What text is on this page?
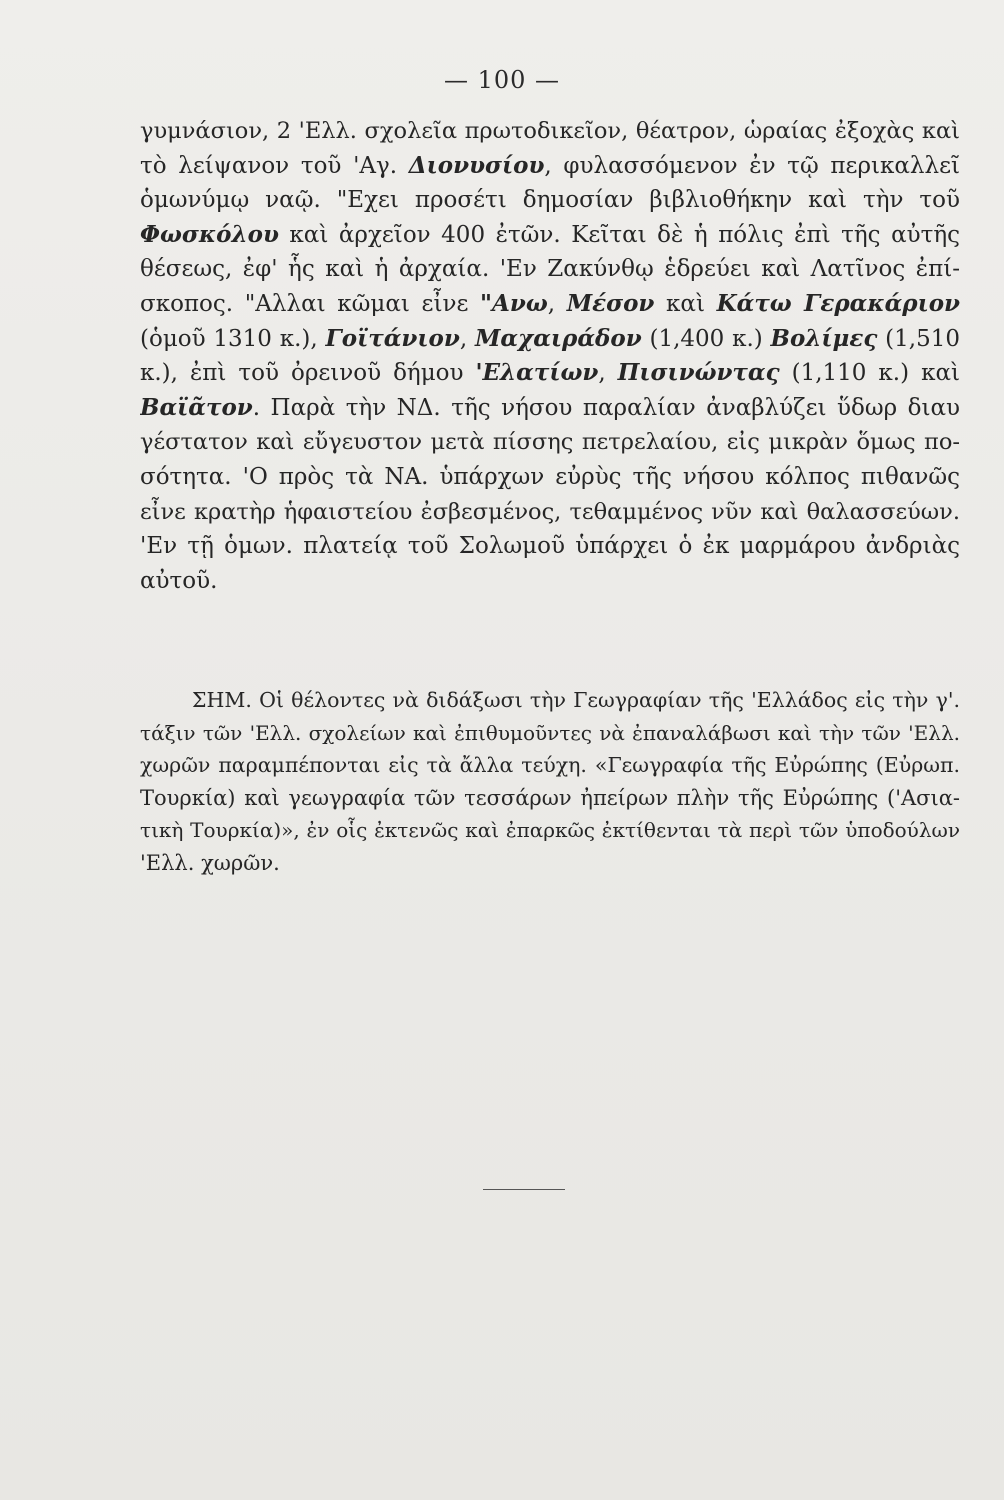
— 100 —
γυμνάσιον, 2 'Ελλ. σχολεῖα πρωτοδικεῖον, θέατρον, ὡραίας ἐξοχὰς καὶ
τὸ λείψανον τοῦ 'Αγ. Διονυσίου, φυλασσόμενον ἐν τῷ περικαλλεῖ
ὁμωνύμῳ ναῷ. "Εχει προσέτι δημοσίαν βιβλιοθήκην καὶ τὴν τοῦ
Φωσκόλου καὶ ἀρχεῖον 400 ἐτῶν. Κεῖται δὲ ἡ πόλις ἐπὶ τῆς αὐτῆς
θέσεως, ἐφ' ἧς καὶ ἡ ἀρχαία. 'Εν Ζακύνθῳ ἑδρεύει καὶ Λατῖνος ἐπί-
σκοπος. "Αλλαι κῶμαι εἶνε "Ανω, Μέσον καὶ Κάτω Γερακάριον
(ὁμοῦ 1310 κ.), Γοϊτάνιον, Μαχαιράδον (1,400 κ.) Βολίμες (1,510
κ.), ἐπὶ τοῦ ὀρεινοῦ δήμου 'Ελατίων, Πισινώντας (1,110 κ.) καὶ
Βαϊᾶτον. Παρὰ τὴν ΝΔ. τῆς νήσου παραλίαν ἀναβλύζει ὕδωρ διαυ
γέστατον καὶ εὔγευστον μετὰ πίσσης πετρελαίου, εἰς μικρὰν ὅμως πο-
σότητα. 'Ο πρὸς τὰ ΝΑ. ὑπάρχων εὐρὺς τῆς νήσου κόλπος πιθανῶς
εἶνε κρατὴρ ἡφαιστείου ἐσβεσμένος, τεθαμμένος νῦν καὶ θαλασσεύων.
'Εν τῇ ὁμων. πλατείᾳ τοῦ Σολωμοῦ ὑπάρχει ὁ ἐκ μαρμάρου ἀνδριὰς
αὐτοῦ.
ΣΗΜ. Οἱ θέλοντες νὰ διδάξωσι τὴν Γεωγραφίαν τῆς 'Ελλάδος εἰς τὴν γ'.
τάξιν τῶν 'Ελλ. σχολείων καὶ ἐπιθυμοῦντες νὰ ἐπαναλάβωσι καὶ τὴν τῶν 'Ελλ.
χωρῶν παραμπέπονται εἰς τὰ ἄλλα τεύχη. «Γεωγραφία τῆς Εὐρώπης (Εὐρωπ.
Τουρκία) καὶ γεωγραφία τῶν τεσσάρων ἠπείρων πλὴν τῆς Εὐρώπης ('Ασια-
τικὴ Τουρκία)», ἐν οἷς ἐκτενῶς καὶ ἐπαρκῶς ἐκτίθενται τὰ περὶ τῶν ὑποδούλων
'Ελλ. χωρῶν.
